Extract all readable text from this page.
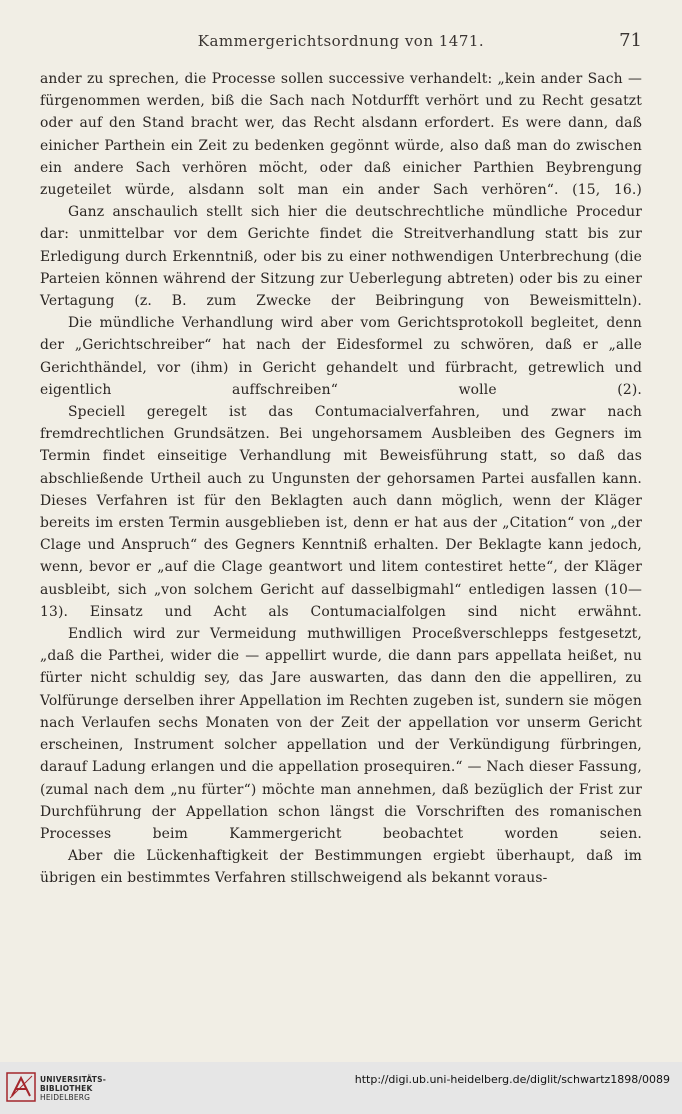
Kammergerichtsordnung von 1471.	71

ander zu sprechen, die Processe sollen successive verhandelt: „kein ander Sach — fürgenommen werden, biß die Sach nach Notdurfft verhört und zu Recht gesatzt oder auf den Stand bracht wer, das Recht alsdann erfordert. Es were dann, daß einicher Parthein ein Zeit zu bedenken gegönnt würde, also daß man do zwischen ein andere Sach verhören möcht, oder daß einicher Parthien Beybrengung zugeteilet würde, alsdann solt man ein ander Sach verhören“. (15, 16.)

Ganz anschaulich stellt sich hier die deutschrechtliche mündliche Procedur dar: unmittelbar vor dem Gerichte findet die Streitverhandlung statt bis zur Erledigung durch Erkenntniß, oder bis zu einer nothwendigen Unterbrechung (die Parteien können während der Sitzung zur Ueberlegung abtreten) oder bis zu einer Vertagung (z. B. zum Zwecke der Beibringung von Beweismitteln).

Die mündliche Verhandlung wird aber vom Gerichtsprotokoll begleitet, denn der „Gerichtschreiber“ hat nach der Eidesformel zu schwören, daß er „alle Gerichthändel, vor (ihm) in Gericht gehandelt und fürbracht, getrewlich und eigentlich auffschreiben“ wolle (2).

Speciell geregelt ist das Contumacialverfahren, und zwar nach fremdrechtlichen Grundsätzen. Bei ungehorsamem Ausbleiben des Gegners im Termin findet einseitige Verhandlung mit Beweisführung statt, so daß das abschließende Urtheil auch zu Ungunsten der gehorsamen Partei ausfallen kann. Dieses Verfahren ist für den Beklagten auch dann möglich, wenn der Kläger bereits im ersten Termin ausgeblieben ist, denn er hat aus der „Citation“ von „der Clage und Anspruch“ des Gegners Kenntniß erhalten. Der Beklagte kann jedoch, wenn, bevor er „auf die Clage geantwort und litem contestiret hette“, der Kläger ausbleibt, sich „von solchem Gericht auf dasselbigmahl“ entledigen lassen (10—13). Einsatz und Acht als Contumacialfolgen sind nicht erwähnt.

Endlich wird zur Vermeidung muthwilligen Proceßverschlepps festgesetzt, „daß die Parthei, wider die — appellirt wurde, die dann pars appellata heißet, nu fürter nicht schuldig sey, das Jare auswarten, das dann den die appelliren, zu Volfürunge derselben ihrer Appellation im Rechten zugeben ist, sundern sie mögen nach Verlaufen sechs Monaten von der Zeit der appellation vor unserm Gericht erscheinen, Instrument solcher appellation und der Verkündigung fürbringen, darauf Ladung erlangen und die appellation prosequiren.“ — Nach dieser Fassung, (zumal nach dem „nu fürter“) möchte man annehmen, daß bezüglich der Frist zur Durchführung der Appellation schon längst die Vorschriften des romanischen Processes beim Kammergericht beobachtet worden seien.

Aber die Lückenhaftigkeit der Bestimmungen ergiebt überhaupt, daß im übrigen ein bestimmtes Verfahren stillschweigend als bekannt voraus-

UNIVERSITÄTS-
BIBLIOTHEK
HEIDELBERG
http://digi.ub.uni-heidelberg.de/diglit/schwartz1898/0089
